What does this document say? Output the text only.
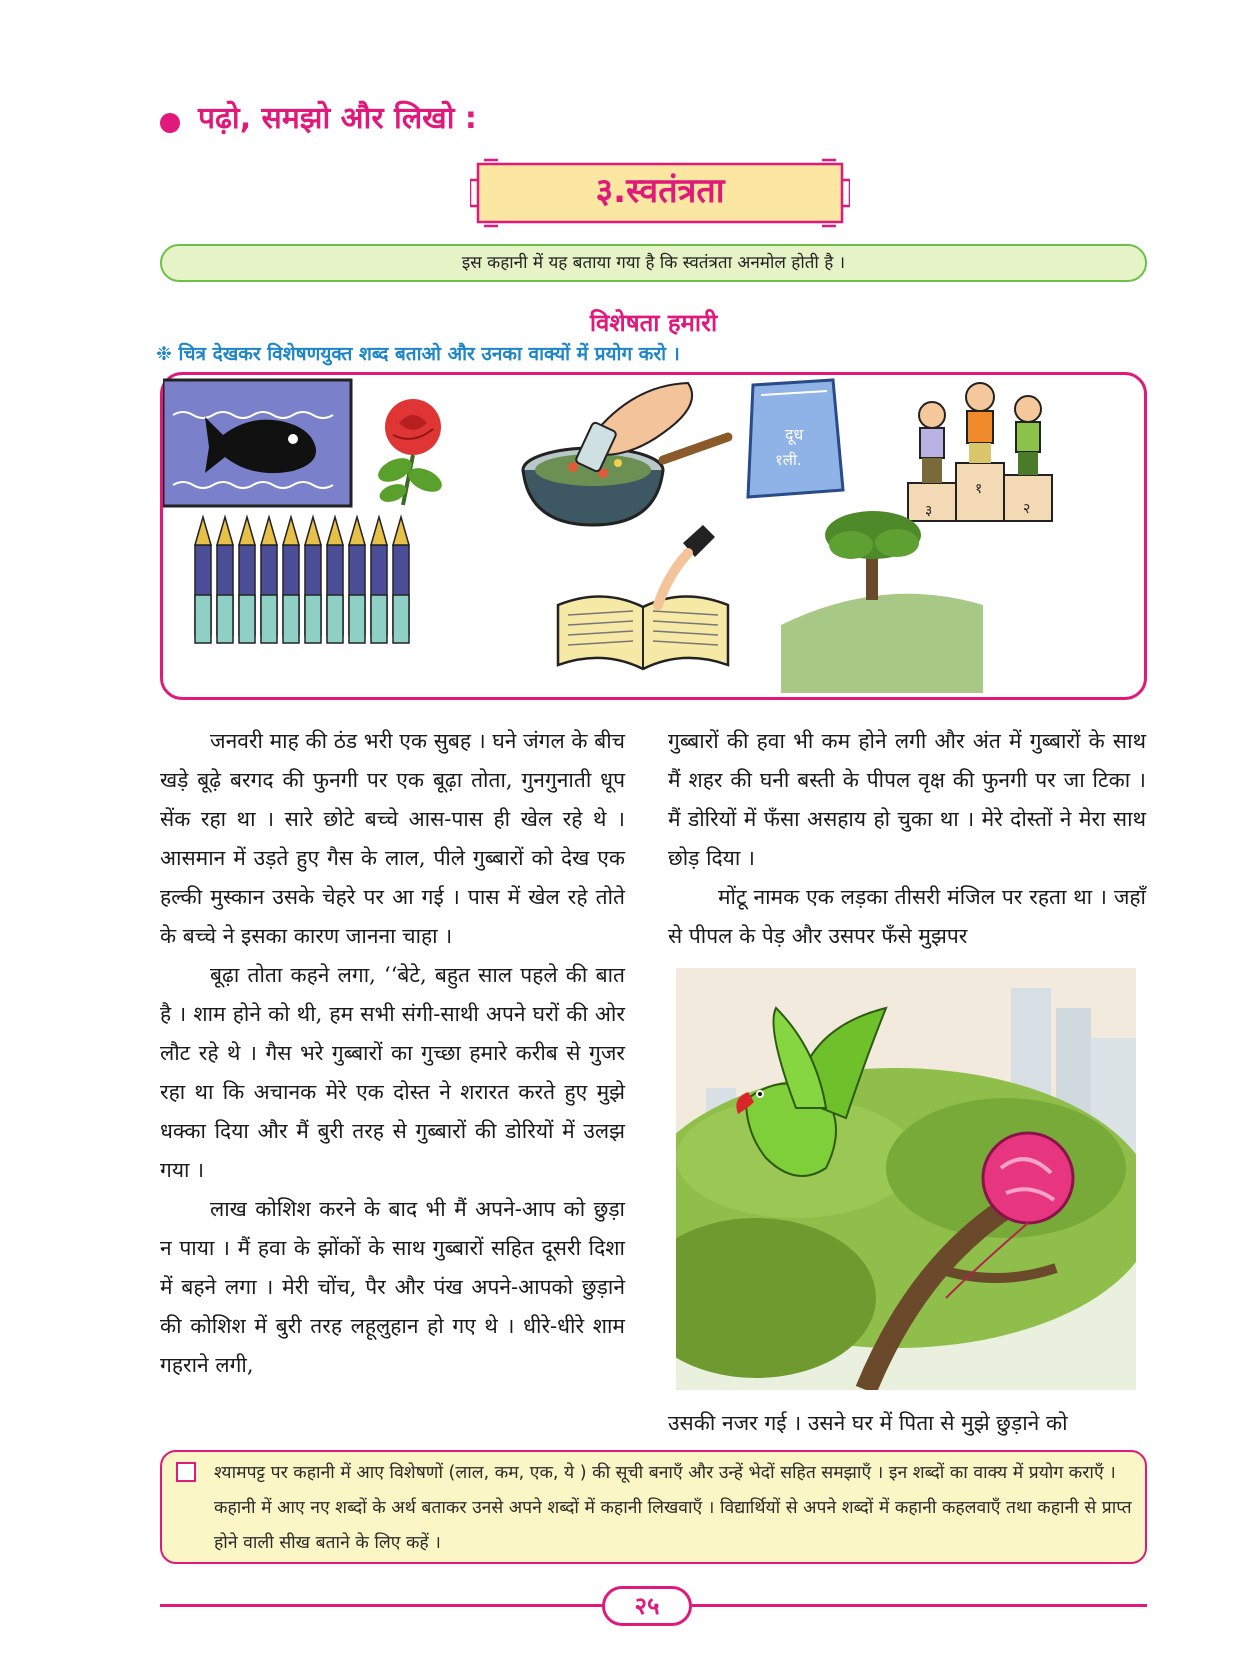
पढ़ो, समझो और लिखो :
३.स्वतंत्रता
इस कहानी में यह बताया गया है कि स्वतंत्रता अनमोल होती है ।
विशेषता हमारी
❉ चित्र देखकर विशेषणयुक्त शब्द बताओ और उनका वाक्यों में प्रयोग करो ।
दूध
१ली.
१
२
३

जनवरी माह की ठंड भरी एक सुबह । घने जंगल के बीच खड़े बूढ़े बरगद की फुनगी पर एक बूढ़ा तोता, गुनगुनाती धूप सेंक रहा था । सारे छोटे बच्चे आस-पास ही खेल रहे थे । आसमान में उड़ते हुए गैस के लाल, पीले गुब्बारों को देख एक हल्की मुस्कान उसके चेहरे पर आ गई । पास में खेल रहे तोते के बच्चे ने इसका कारण जानना चाहा ।

बूढ़ा तोता कहने लगा, ‘‘बेटे, बहुत साल पहले की बात है । शाम होने को थी, हम सभी संगी-साथी अपने घरों की ओर लौट रहे थे । गैस भरे गुब्बारों का गुच्छा हमारे करीब से गुजर रहा था कि अचानक मेरे एक दोस्त ने शरारत करते हुए मुझे धक्का दिया और मैं बुरी तरह से गुब्बारों की डोरियों में उलझ गया ।

लाख कोशिश करने के बाद भी मैं अपने-आप को छुड़ा न पाया । मैं हवा के झोंकों के साथ गुब्बारों सहित दूसरी दिशा में बहने लगा । मेरी चोंच, पैर और पंख अपने-आपको छुड़ाने की कोशिश में बुरी तरह लहूलुहान हो गए थे । धीरे-धीरे शाम गहराने लगी,

गुब्बारों की हवा भी कम होने लगी और अंत में गुब्बारों के साथ मैं शहर की घनी बस्ती के पीपल वृक्ष की फुनगी पर जा टिका । मैं डोरियों में फँसा असहाय हो चुका था । मेरे दोस्तों ने मेरा साथ छोड़ दिया ।

मोंटू नामक एक लड़का तीसरी मंजिल पर रहता था । जहाँ से पीपल के पेड़ और उसपर फँसे मुझपर

उसकी नजर गई । उसने घर में पिता से मुझे छुड़ाने को
श्यामपट्ट पर कहानी में आए विशेषणों (लाल, कम, एक, ये ) की सूची बनाएँ और उन्हें भेदों सहित समझाएँ । इन शब्दों का वाक्य में प्रयोग कराएँ । कहानी में आए नए शब्दों के अर्थ बताकर उनसे अपने शब्दों में कहानी लिखवाएँ । विद्यार्थियों से अपने शब्दों में कहानी कहलवाएँ तथा कहानी से प्राप्त होने वाली सीख बताने के लिए कहें ।
२५
